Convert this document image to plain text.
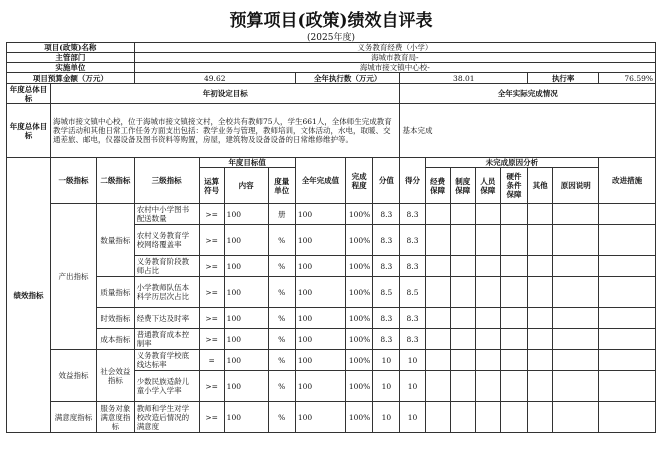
预算项目(政策)绩效自评表
(2025年度)
项目(政策)名称			义务教育经费（小学）														
主管部门			海城市教育局-														
实施单位			海城市接文镇中心校-														
项目预算金额（万元）			49.62				全年执行数（万元）			38.01					执行率		76.59%
年度总体目标	年初设定目标									全年实际完成情况							
年度总体目标	海城市接文镇中心校，位于海城市接文镇接文村，全校共有教师75人，学生661人，全体师生完成教育教学活动和其他日常工作任务方面支出包括：教学业务与管理，教师培训，文体活动，水电，取暖、交通差旅、邮电，仪器设备及图书资料等购置，房屋，建筑物及设备设备的日常维修维护等。									基本完成							
绩效指标	一级指标	二级指标	三级指标	年度目标值			全年完成值	完成程度	分值	得分	未完成原因分析						改进措施
				运算符号	内容	度量单位					经费保障	制度保障	人员保障	硬件条件保障	其他	原因说明	
	产出指标	数量指标	农村中小学图书配送数量	>=	100	册	100	100%	8.3	8.3							
			农村义务教育学校网络覆盖率	>=	100	%	100	100%	8.3	8.3							
			义务教育阶段教师占比	>=	100	%	100	100%	8.3	8.3							
		质量指标	小学教师队伍本科学历层次占比	>=	100	%	100	100%	8.5	8.5							
		时效指标	经费下达及时率	>=	100	%	100	100%	8.3	8.3							
		成本指标	普通教育成本控制率	>=	100	%	100	100%	8.3	8.3							
	效益指标	社会效益指标	义务教育学校底线达标率	=	100	%	100	100%	10	10							
			少数民族适龄儿童小学入学率	>=	100	%	100	100%	10	10							
	满意度指标	服务对象满意度指标	教师和学生对学校改造后情况的满意度	>=	100	%	100	100%	10	10							
